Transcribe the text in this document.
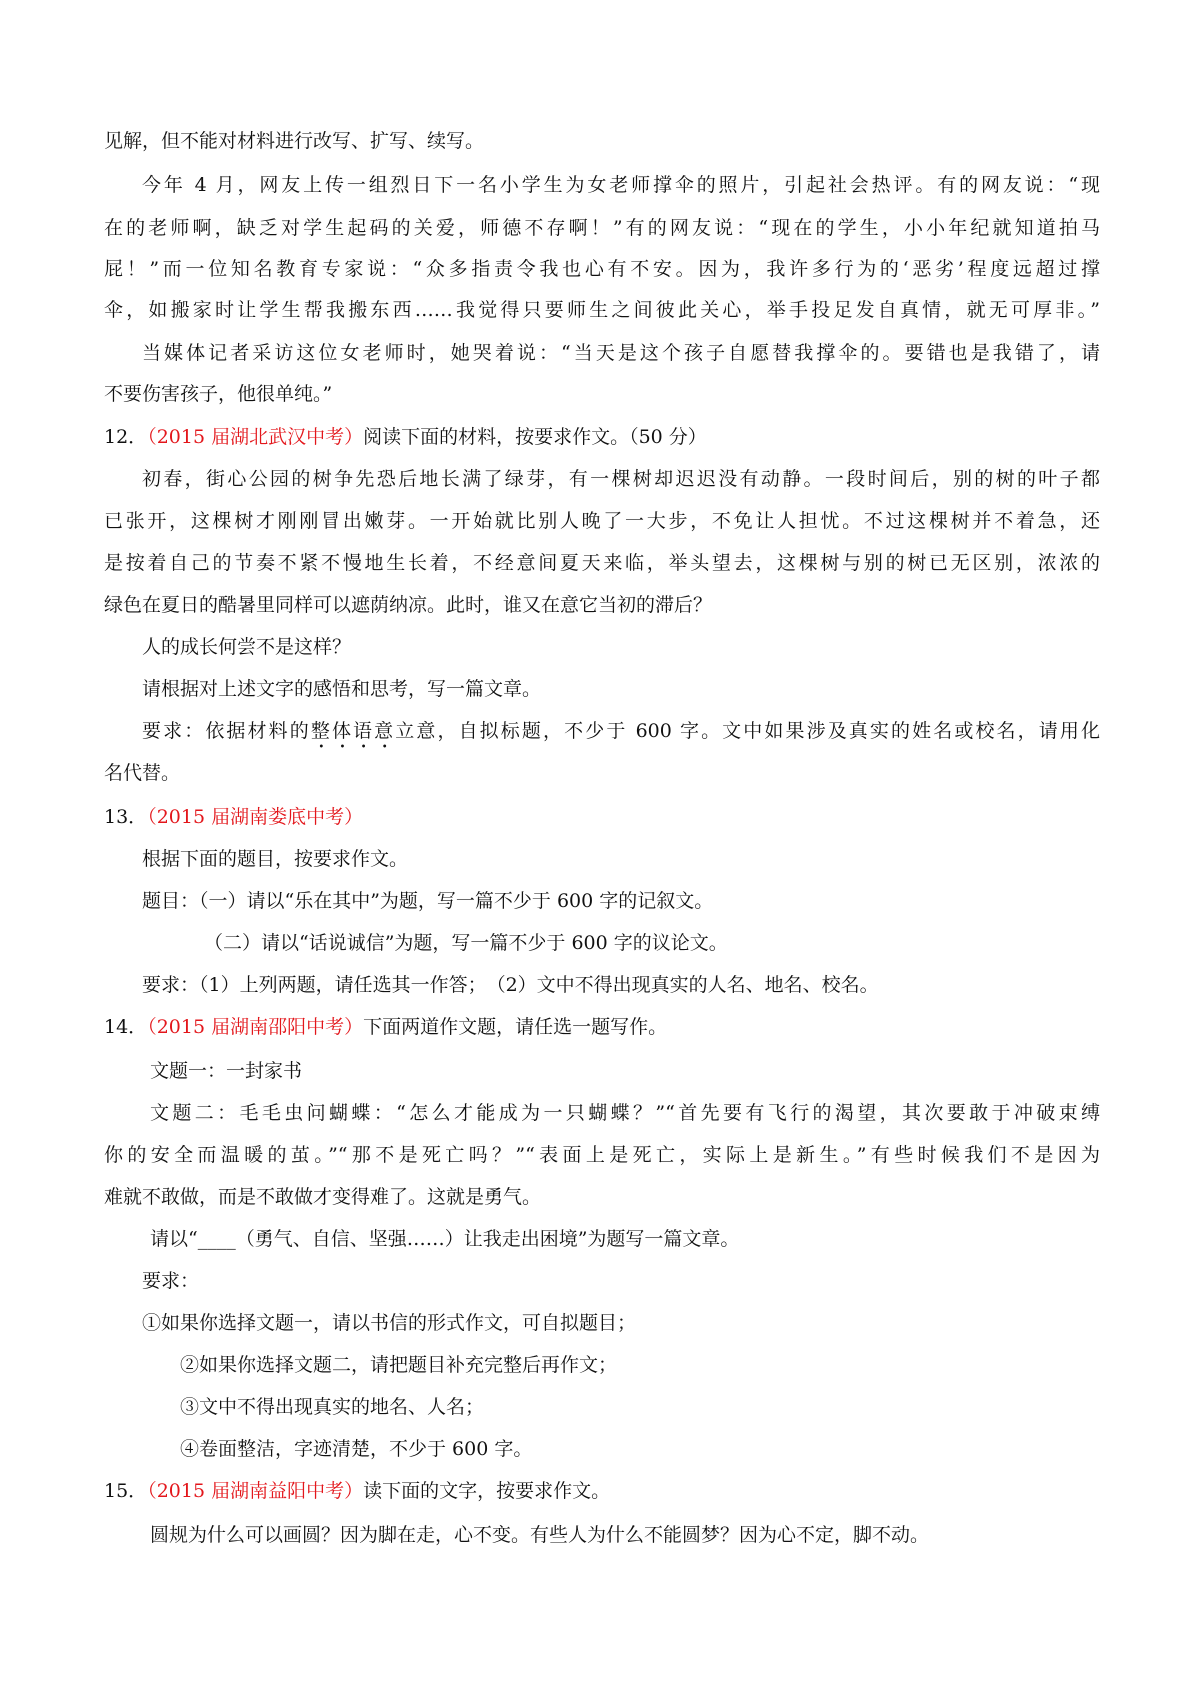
见解，但不能对材料进行改写、扩写、续写。
今年 4 月，网友上传一组烈日下一名小学生为女老师撑伞的照片，引起社会热评。有的网友说：“现
在的老师啊，缺乏对学生起码的关爱，师德不存啊！”有的网友说：“现在的学生，小小年纪就知道拍马
屁！”而一位知名教育专家说：“众多指责令我也心有不安。因为，我许多行为的‘恶劣’程度远超过撑
伞，如搬家时让学生帮我搬东西……我觉得只要师生之间彼此关心，举手投足发自真情，就无可厚非。”
当媒体记者采访这位女老师时，她哭着说：“当天是这个孩子自愿替我撑伞的。要错也是我错了，请
不要伤害孩子，他很单纯。”
12．（2015 届湖北武汉中考）阅读下面的材料，按要求作文。（50 分）
初春，街心公园的树争先恐后地长满了绿芽，有一棵树却迟迟没有动静。一段时间后，别的树的叶子都
已张开，这棵树才刚刚冒出嫩芽。一开始就比别人晚了一大步，不免让人担忧。不过这棵树并不着急，还
是按着自己的节奏不紧不慢地生长着，不经意间夏天来临，举头望去，这棵树与别的树已无区别，浓浓的
绿色在夏日的酷暑里同样可以遮荫纳凉。此时，谁又在意它当初的滞后？
人的成长何尝不是这样？
请根据对上述文字的感悟和思考，写一篇文章。
要求：依据材料的整体语意立意，自拟标题，不少于 600 字。文中如果涉及真实的姓名或校名，请用化
名代替。
13．（2015 届湖南娄底中考）
根据下面的题目，按要求作文。
题目：（一）请以“乐在其中”为题，写一篇不少于 600 字的记叙文。
（二）请以“话说诚信”为题，写一篇不少于 600 字的议论文。
要求：（1）上列两题，请任选其一作答；　（2）文中不得出现真实的人名、地名、校名。
14．（2015 届湖南邵阳中考）下面两道作文题，请任选一题写作。
文题一：一封家书
文题二：毛毛虫问蝴蝶：“怎么才能成为一只蝴蝶？”“首先要有飞行的渴望，其次要敢于冲破束缚
你的安全而温暖的茧。”“那不是死亡吗？”“表面上是死亡，实际上是新生。”有些时候我们不是因为
难就不敢做，而是不敢做才变得难了。这就是勇气。
请以“____（勇气、自信、坚强……）让我走出困境”为题写一篇文章。
要求：
①如果你选择文题一，请以书信的形式作文，可自拟题目；
②如果你选择文题二，请把题目补充完整后再作文；
③文中不得出现真实的地名、人名；
④卷面整洁，字迹清楚，不少于 600 字。
15．（2015 届湖南益阳中考）读下面的文字，按要求作文。
圆规为什么可以画圆？因为脚在走，心不变。有些人为什么不能圆梦？因为心不定，脚不动。
